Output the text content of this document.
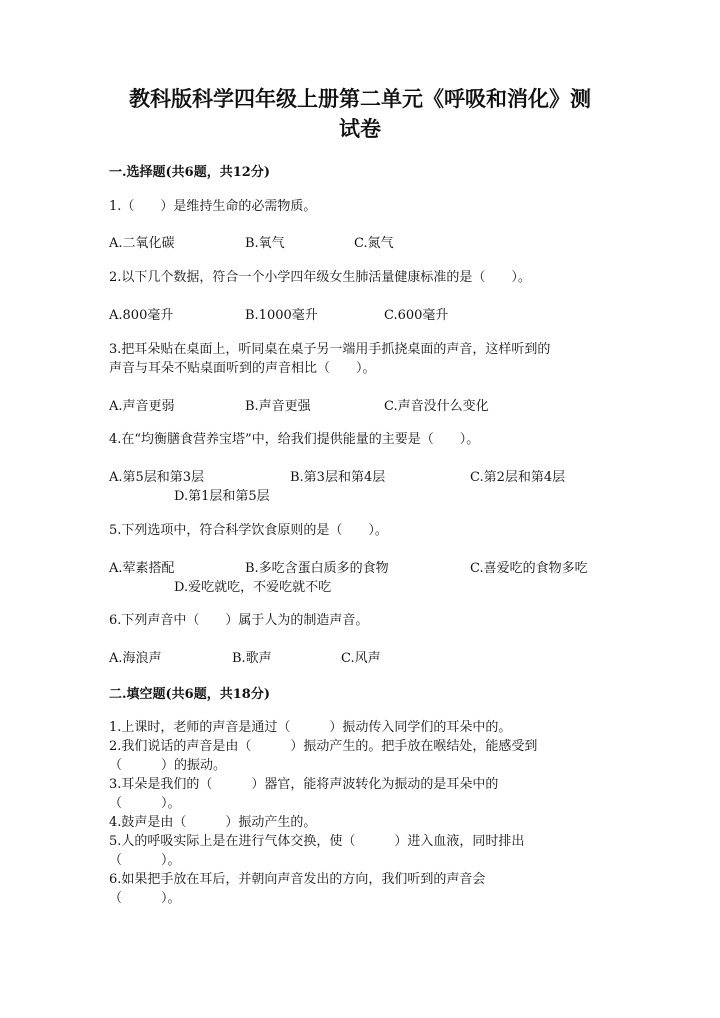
教科版科学四年级上册第二单元《呼吸和消化》测
试卷
一.选择题(共6题，共12分)
1.（　　）是维持生命的必需物质。
A.二氧化碳	B.氧气	C.氮气
2.以下几个数据，符合一个小学四年级女生肺活量健康标准的是（　　）。
A.800毫升	B.1000毫升	C.600毫升
3.把耳朵贴在桌面上，听同桌在桌子另一端用手抓挠桌面的声音，这样听到的
声音与耳朵不贴桌面听到的声音相比（　　）。
A.声音更弱	B.声音更强	C.声音没什么变化
4.在“均衡膳食营养宝塔”中，给我们提供能量的主要是（　　）。
A.第5层和第3层	B.第3层和第4层	C.第2层和第4层
D.第1层和第5层
5.下列选项中，符合科学饮食原则的是（　　）。
A.荤素搭配	B.多吃含蛋白质多的食物	C.喜爱吃的食物多吃
D.爱吃就吃，不爱吃就不吃
6.下列声音中（　　）属于人为的制造声音。
A.海浪声	B.歌声	C.风声
二.填空题(共6题，共18分)
1.上课时，老师的声音是通过（　　　）振动传入同学们的耳朵中的。
2.我们说话的声音是由（　　　）振动产生的。把手放在喉结处，能感受到
（　　　）的振动。
3.耳朵是我们的（　　　）器官，能将声波转化为振动的是耳朵中的
（　　　）。
4.鼓声是由（　　　）振动产生的。
5.人的呼吸实际上是在进行气体交换，使（　　　）进入血液，同时排出
（　　　）。
6.如果把手放在耳后，并朝向声音发出的方向，我们听到的声音会
（　　　）。
